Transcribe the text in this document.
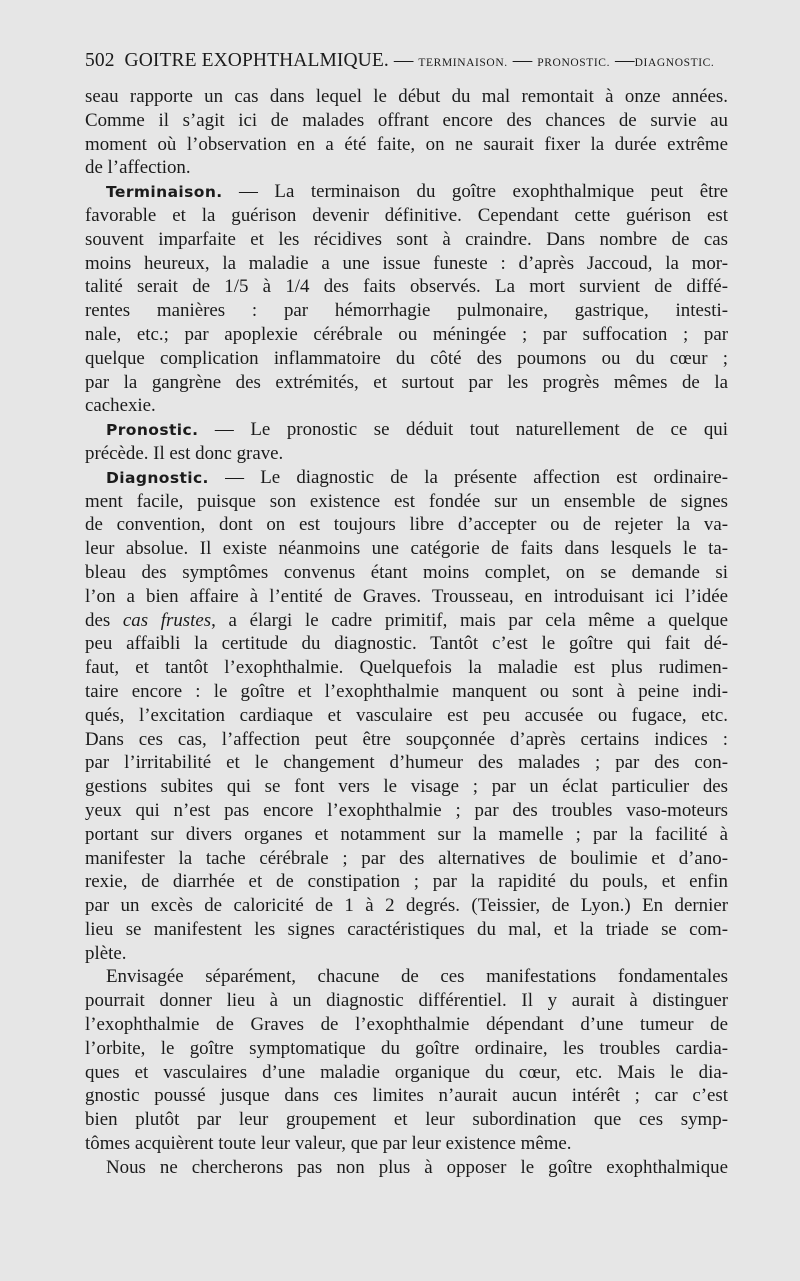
502 GOITRE EXOPHTHALMIQUE. — TERMINAISON. — PRONOSTIC. —DIAGNOSTIC.
seau rapporte un cas dans lequel le début du mal remontait à onze années.
Comme il s’agit ici de malades offrant encore des chances de survie au
moment où l’observation en a été faite, on ne saurait fixer la durée extrême
de l’affection.
Terminaison. — La terminaison du goître exophthalmique peut être
favorable et la guérison devenir définitive. Cependant cette guérison est
souvent imparfaite et les récidives sont à craindre. Dans nombre de cas
moins heureux, la maladie a une issue funeste : d’après Jaccoud, la mor-
talité serait de 1/5 à 1/4 des faits observés. La mort survient de diffé-
rentes manières : par hémorrhagie pulmonaire, gastrique, intesti-
nale, etc.; par apoplexie cérébrale ou méningée ; par suffocation ; par
quelque complication inflammatoire du côté des poumons ou du cœur ;
par la gangrène des extrémités, et surtout par les progrès mêmes de la
cachexie.
Pronostic. — Le pronostic se déduit tout naturellement de ce qui
précède. Il est donc grave.
Diagnostic. — Le diagnostic de la présente affection est ordinaire-
ment facile, puisque son existence est fondée sur un ensemble de signes
de convention, dont on est toujours libre d’accepter ou de rejeter la va-
leur absolue. Il existe néanmoins une catégorie de faits dans lesquels le ta-
bleau des symptômes convenus étant moins complet, on se demande si
l’on a bien affaire à l’entité de Graves. Trousseau, en introduisant ici l’idée
des cas frustes, a élargi le cadre primitif, mais par cela même a quelque
peu affaibli la certitude du diagnostic. Tantôt c’est le goître qui fait dé-
faut, et tantôt l’exophthalmie. Quelquefois la maladie est plus rudimen-
taire encore : le goître et l’exophthalmie manquent ou sont à peine indi-
qués, l’excitation cardiaque et vasculaire est peu accusée ou fugace, etc.
Dans ces cas, l’affection peut être soupçonnée d’après certains indices :
par l’irritabilité et le changement d’humeur des malades ; par des con-
gestions subites qui se font vers le visage ; par un éclat particulier des
yeux qui n’est pas encore l’exophthalmie ; par des troubles vaso-moteurs
portant sur divers organes et notamment sur la mamelle ; par la facilité à
manifester la tache cérébrale ; par des alternatives de boulimie et d’ano-
rexie, de diarrhée et de constipation ; par la rapidité du pouls, et enfin
par un excès de caloricité de 1 à 2 degrés. (Teissier, de Lyon.) En dernier
lieu se manifestent les signes caractéristiques du mal, et la triade se com-
plète.
Envisagée séparément, chacune de ces manifestations fondamentales
pourrait donner lieu à un diagnostic différentiel. Il y aurait à distinguer
l’exophthalmie de Graves de l’exophthalmie dépendant d’une tumeur de
l’orbite, le goître symptomatique du goître ordinaire, les troubles cardia-
ques et vasculaires d’une maladie organique du cœur, etc. Mais le dia-
gnostic poussé jusque dans ces limites n’aurait aucun intérêt ; car c’est
bien plutôt par leur groupement et leur subordination que ces symp-
tômes acquièrent toute leur valeur, que par leur existence même.
Nous ne chercherons pas non plus à opposer le goître exophthalmique
